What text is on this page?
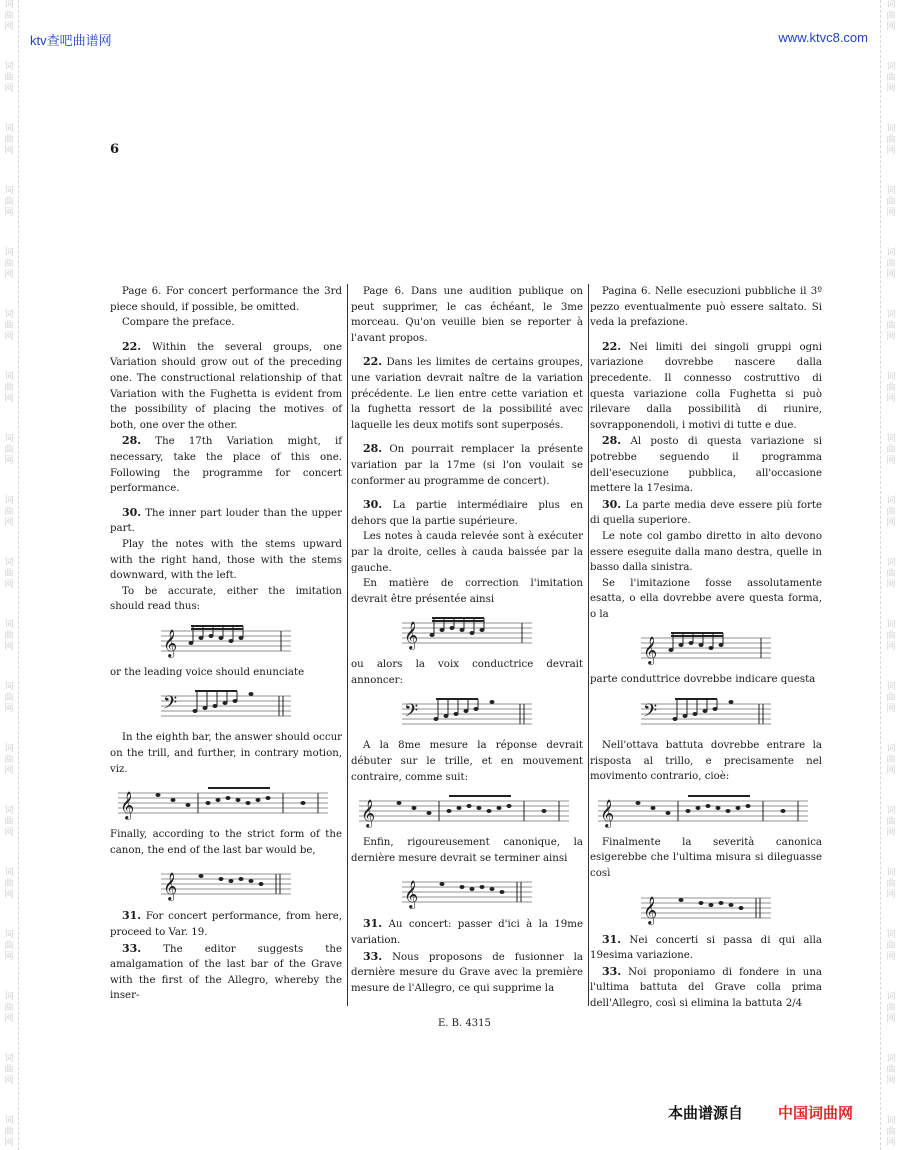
词
曲
网
词
曲
网
词
曲
网
词
曲
网
词
曲
网
词
曲
网
词
曲
网
词
曲
网
词
曲
网
词
曲
网
词
曲
网
词
曲
网
词
曲
网
词
曲
网
词
曲
网
词
曲
网
词
曲
网
词
曲
网
词
曲
网
词
曲
网
词
曲
网
词
曲
网
词
曲
网
词
曲
网
词
曲
网
词
曲
网
词
曲
网
词
曲
网
词
曲
网
词
曲
网
词
曲
网
词
曲
网
词
曲
网
词
曲
网
词
曲
网
词
曲
网
词
曲
网
词
曲
网
ktv查吧曲谱网	www.ktvc8.com
6

Page 6. For concert performance the 3rd piece should, if possible, be omitted.

Compare the preface.

22. Within the several groups, one Variation should grow out of the preceding one. The constructional relationship of that Variation with the Fughetta is evident from the possibility of placing the motives of both, one over the other.

28. The 17th Variation might, if necessary, take the place of this one. Following the programme for concert performance.

30. The inner part louder than the upper part.

Play the notes with the stems upward with the right hand, those with the stems downward, with the left.

To be accurate, either the imitation should read thus:

𝄞

or the leading voice should enunciate

𝄢

In the eighth bar, the answer should occur on the trill, and further, in contrary motion, viz.

𝄞

Finally, according to the strict form of the canon, the end of the last bar would be,

𝄞

31. For concert performance, from here, proceed to Var. 19.

33. The editor suggests the amalgamation of the last bar of the Grave with the first of the Allegro, whereby the inser-

Page 6. Dans une audition publique on peut supprimer, le cas échéant, le 3me morceau. Qu'on veuille bien se reporter à l'avant propos.

22. Dans les limites de certains groupes, une variation devrait naître de la variation précédente. Le lien entre cette variation et la fughetta ressort de la possibilité avec laquelle les deux motifs sont superposés.

28. On pourrait remplacer la présente variation par la 17me (si l'on voulait se conformer au programme de concert).

30. La partie intermédiaire plus en dehors que la partie supérieure.

Les notes à cauda relevée sont à exécuter par la droite, celles à cauda baissée par la gauche.

En matière de correction l'imitation devrait être présentée ainsi

𝄞

ou alors la voix conductrice devrait annoncer:

𝄢

A la 8me mesure la réponse devrait débuter sur le trille, et en mouvement contraire, comme suit:

𝄞

Enfin, rigoureusement canonique, la dernière mesure devrait se terminer ainsi

𝄞

31. Au concert: passer d'ici à la 19me variation.

33. Nous proposons de fusionner la dernière mesure du Grave avec la première mesure de l'Allegro, ce qui supprime la

Pagina 6. Nelle esecuzioni pubbliche il 3º pezzo eventualmente può essere saltato. Si veda la prefazione.

22. Nei limiti dei singoli gruppi ogni variazione dovrebbe nascere dalla precedente. Il connesso costruttivo di questa variazione colla Fughetta si può rilevare dalla possibilità di riunire, sovrapponendoli, i motivi di tutte e due.

28. Al posto di questa variazione si potrebbe seguendo il programma dell'esecuzione pubblica, all'occasione mettere la 17esima.

30. La parte media deve essere più forte di quella superiore.

Le note col gambo diretto in alto devono essere eseguite dalla mano destra, quelle in basso dalla sinistra.

Se l'imitazione fosse assolutamente esatta, o ella dovrebbe avere questa forma, o la

𝄞

parte conduttrice dovrebbe indicare questa

𝄢

Nell'ottava battuta dovrebbe entrare la risposta al trillo, e precisamente nel movimento contrario, cioè:

𝄞

Finalmente la severità canonica esigerebbe che l'ultima misura si dileguasse così

𝄞

31. Nei concerti si passa di qui alla 19esima variazione.

33. Noi proponiamo di fondere in una l'ultima battuta del Grave colla prima dell'Allegro, così si elimina la battuta 2/4

E. B. 4315
本曲谱源自 中国词曲网
